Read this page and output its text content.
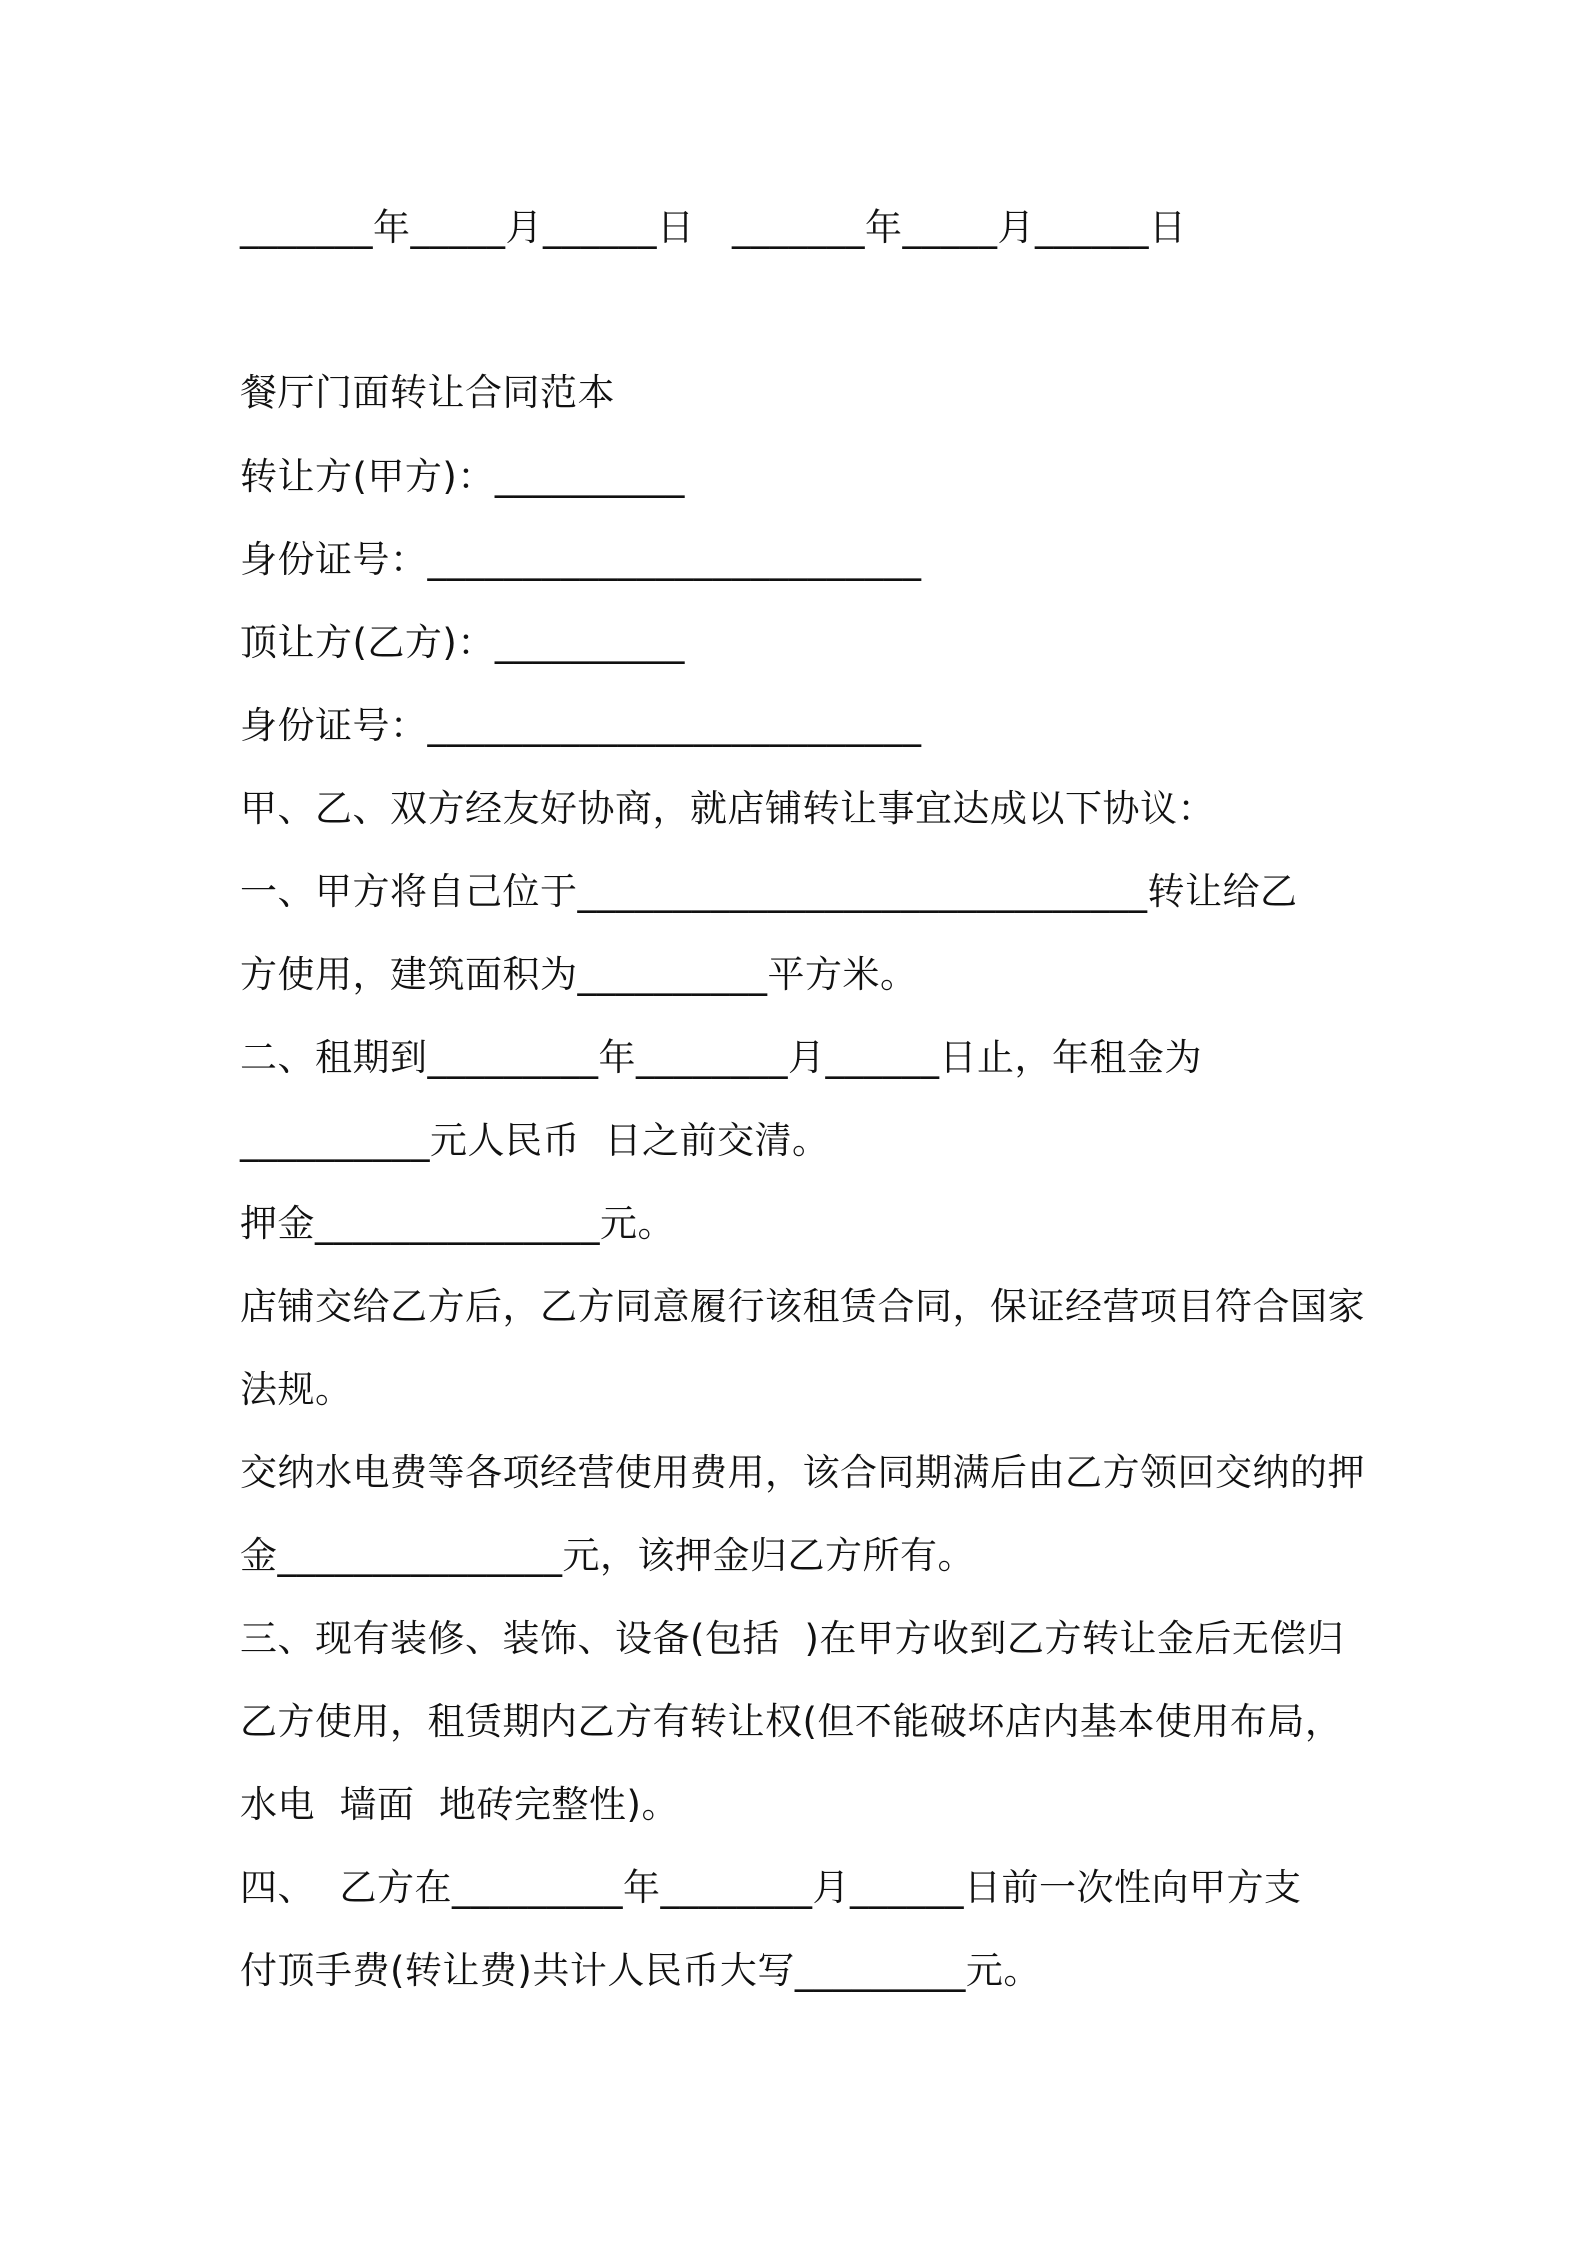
_______年_____月______日　_______年_____月______日
餐厅门面转让合同范本
转让方(甲方)：__________
身份证号：__________________________
顶让方(乙方)：__________
身份证号：__________________________
甲、乙、双方经友好协商，就店铺转让事宜达成以下协议：
一、甲方将自己位于______________________________转让给乙
方使用，建筑面积为__________平方米。
二、租期到_________年________月______日止，年租金为
__________元人民币  日之前交清。
押金_______________元。
店铺交给乙方后，乙方同意履行该租赁合同，保证经营项目符合国家
法规。
交纳水电费等各项经营使用费用，该合同期满后由乙方领回交纳的押
金_______________元，该押金归乙方所有。
三、现有装修、装饰、设备(包括  )在甲方收到乙方转让金后无偿归
乙方使用，租赁期内乙方有转让权(但不能破坏店内基本使用布局，
水电  墙面  地砖完整性)。
四、  乙方在_________年________月______日前一次性向甲方支
付顶手费(转让费)共计人民币大写_________元。
